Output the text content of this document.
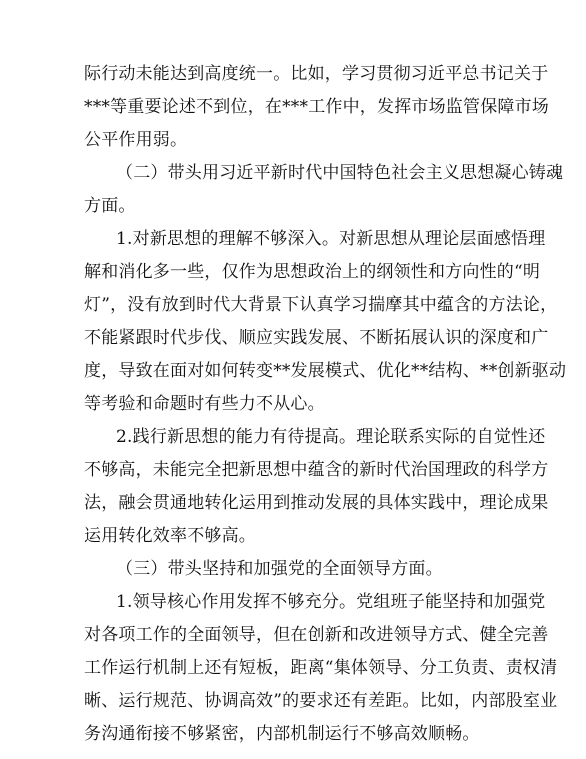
际行动未能达到高度统一。比如，学习贯彻习近平总书记关于
***等重要论述不到位，在***工作中，发挥市场监管保障市场
公平作用弱。
（二）带头用习近平新时代中国特色社会主义思想凝心铸魂
方面。
1.对新思想的理解不够深入。对新思想从理论层面感悟理
解和消化多一些，仅作为思想政治上的纲领性和方向性的“明
灯”，没有放到时代大背景下认真学习揣摩其中蕴含的方法论，
不能紧跟时代步伐、顺应实践发展、不断拓展认识的深度和广
度，导致在面对如何转变**发展模式、优化**结构、**创新驱动
等考验和命题时有些力不从心。
2.践行新思想的能力有待提高。理论联系实际的自觉性还
不够高，未能完全把新思想中蕴含的新时代治国理政的科学方
法，融会贯通地转化运用到推动发展的具体实践中，理论成果
运用转化效率不够高。
（三）带头坚持和加强党的全面领导方面。
1.领导核心作用发挥不够充分。党组班子能坚持和加强党
对各项工作的全面领导，但在创新和改进领导方式、健全完善
工作运行机制上还有短板，距离“集体领导、分工负责、责权清
晰、运行规范、协调高效”的要求还有差距。比如，内部股室业
务沟通衔接不够紧密，内部机制运行不够高效顺畅。
